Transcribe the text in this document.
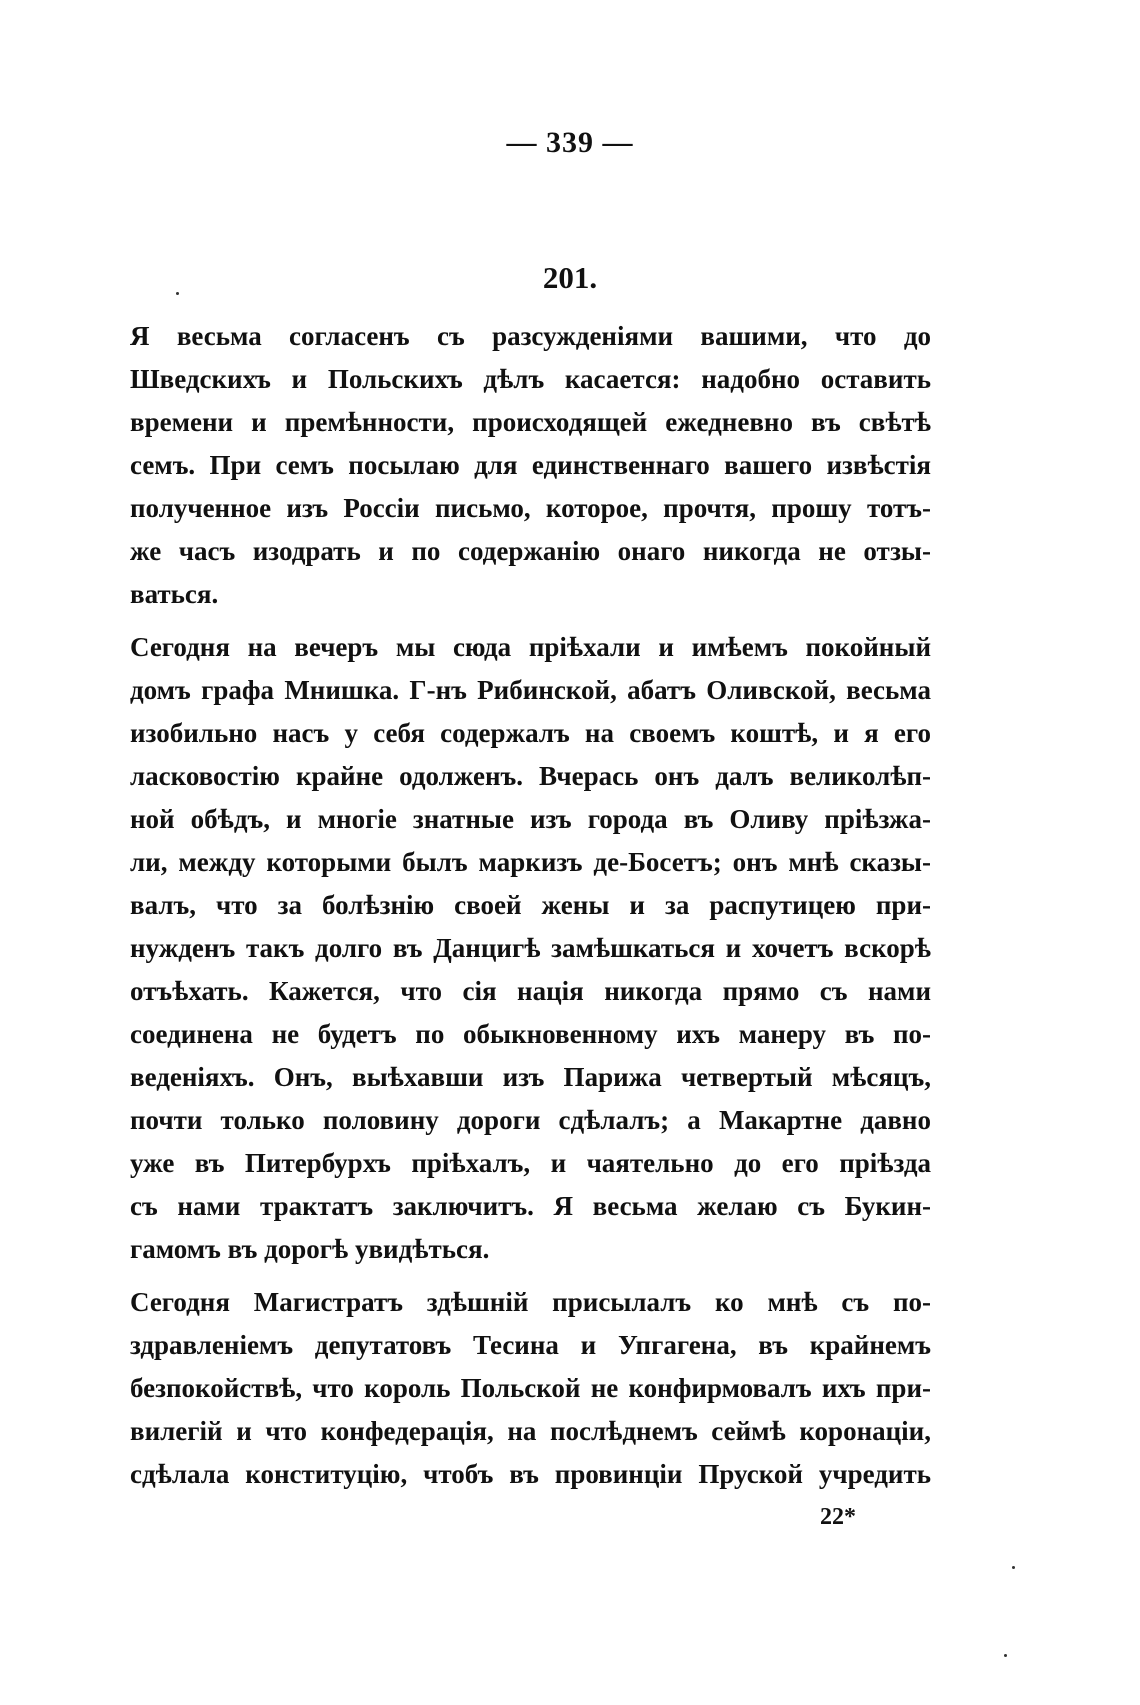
— 339 —
201.
Я весьма согласенъ съ разсужденіями вашими, что до
Шведскихъ и Польскихъ дѣлъ касается: надобно оставить
времени и премѣнности, происходящей ежедневно въ свѣтѣ
семъ. При семъ посылаю для единственнаго вашего извѣстія
полученное изъ Россіи письмо, которое, прочтя, прошу тотъ-
же часъ изодрать и по содержанію онаго никогда не отзы-
ваться.
Сегодня на вечеръ мы сюда пріѣхали и имѣемъ покойный
домъ графа Мнишка. Г-нъ Рибинской, абатъ Оливской, весьма
изобильно насъ у себя содержалъ на своемъ коштѣ, и я его
ласковостію крайне одолженъ. Вчерась онъ далъ великолѣп-
ной обѣдъ, и многіе знатные изъ города въ Оливу пріѣзжа-
ли, между которыми былъ маркизъ де-Босетъ; онъ мнѣ сказы-
валъ, что за болѣзнію своей жены и за распутицею при-
нужденъ такъ долго въ Данцигѣ замѣшкаться и хочетъ вскорѣ
отъѣхать. Кажется, что сія нація никогда прямо съ нами
соединена не будетъ по обыкновенному ихъ манеру въ по-
веденіяхъ. Онъ, выѣхавши изъ Парижа четвертый мѣсяцъ,
почти только половину дороги сдѣлалъ; а Макартне давно
уже въ Питербурхъ пріѣхалъ, и чаятельно до его пріѣзда
съ нами трактатъ заключитъ. Я весьма желаю съ Букин-
гамомъ въ дорогѣ увидѣться.
Сегодня Магистратъ здѣшній присылалъ ко мнѣ съ по-
здравленіемъ депутатовъ Тесина и Упгагена, въ крайнемъ
безпокойствѣ, что король Польской не конфирмовалъ ихъ при-
вилегій и что конфедерація, на послѣднемъ сеймѣ коронаціи,
сдѣлала конституцію, чтобъ въ провинціи Пруской учредить
22*
